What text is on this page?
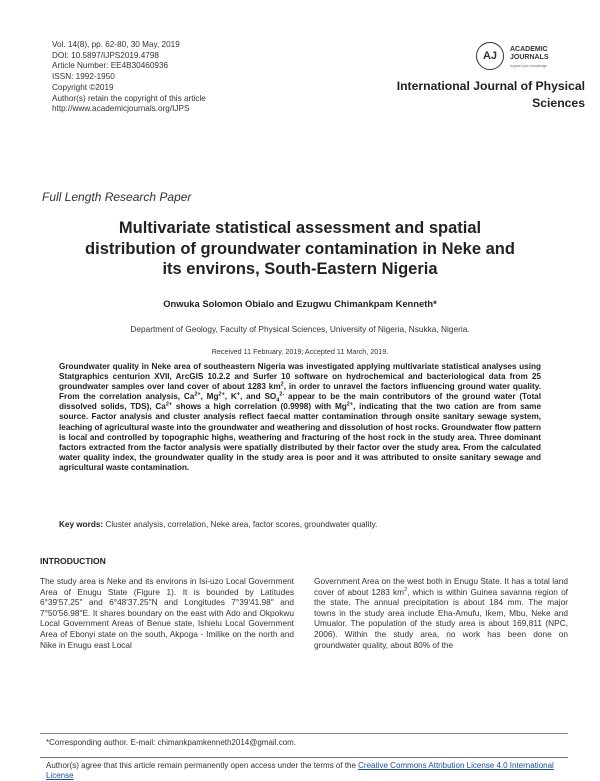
Vol. 14(8), pp. 62-80, 30 May, 2019
DOI: 10.5897/IJPS2019.4798
Article Number: EE4B30460936
ISSN: 1992-1950
Copyright ©2019
Author(s) retain the copyright of this article
http://www.academicjournals.org/IJPS
AJ
ACADEMIC
JOURNALS
expand your knowledge
International Journal of Physical
Sciences
Full Length Research Paper
Multivariate statistical assessment and spatial
distribution of groundwater contamination in Neke and
its environs, South-Eastern Nigeria
Onwuka Solomon Obialo and Ezugwu Chimankpam Kenneth*
Department of Geology, Faculty of Physical Sciences, University of Nigeria, Nsukka, Nigeria.
Received 11 February, 2019; Accepted 11 March, 2019.
Groundwater quality in Neke area of southeastern Nigeria was investigated applying multivariate statistical analyses using Statgraphics centurion XVII, ArcGIS 10.2.2 and Surfer 10 software on hydrochemical and bacteriological data from 25 groundwater samples over land cover of about 1283 $km^2$, in order to unravel the factors influencing ground water quality. From the correlation analysis, $Ca^{2+}$, $Mg^{2+}$, K+, and $SO_4^{2-}$ appear to be the main contributors of the ground water (Total dissolved solids, TDS), $Ca^{2+}$ shows a high correlation (0.9998) with $Mg^{2+}$, indicating that the two cation are from same source. Factor analysis and cluster analysis reflect faecal matter contamination through onsite sanitary sewage system, leaching of agricultural waste into the groundwater and weathering and dissolution of host rocks. Groundwater flow pattern is local and controlled by topographic highs, weathering and fracturing of the host rock in the study area. Three dominant factors extracted from the factor analysis were spatially distributed by their factor over the study area. From the calculated water quality index, the groundwater quality in the study area is poor and it was attributed to onsite sanitary sewage and agricultural waste contamination.
Key words: Cluster analysis, correlation, Neke area, factor scores, groundwater quality.
INTRODUCTION
The study area is Neke and its environs in Isi-uzo Local Government Area of Enugu State (Figure 1). It is bounded by Latitudes 6°39'57.25" and 6°48'37.25"N and Longitudes 7°39'41.98" and 7°50'56.98"E. It shares boundary on the east with Ado and Okpokwu Local Government Areas of Benue state, Ishielu Local Government Area of Ebonyi state on the south, Akpoga - Imilike on the north and Nike in Enugu east Local
Government Area on the west both in Enugu State. It has a total land cover of about 1283 $km^2$, which is within Guinea savanna region of the state. The annual precipitation is about 184 mm. The major towns in the study area include Eha-Amufu, Ikem, Mbu, Neke and Umualor. The population of the study area is about 169,811 (NPC, 2006). Within the study area, no work has been done on groundwater quality, about 80% of the
*Corresponding author. E-mail: chimankpamkenneth2014@gmail.com.
Author(s) agree that this article remain permanently open access under the terms of the Creative Commons Attribution License 4.0 International License
